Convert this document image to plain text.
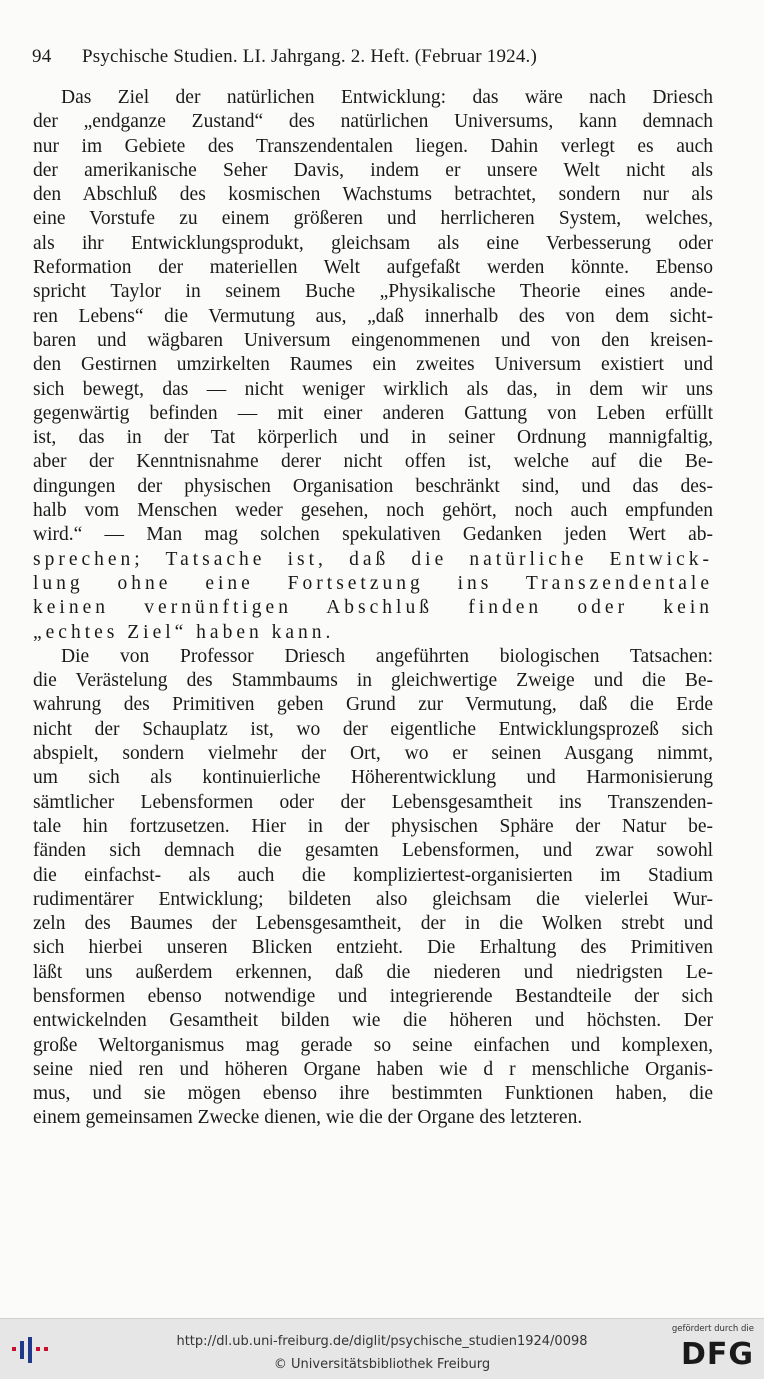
94 Psychische Studien. LI. Jahrgang. 2. Heft. (Februar 1924.)
Das Ziel der natürlichen Entwicklung: das wäre nach Driesch
der „endganze Zustand“ des natürlichen Universums, kann demnach
nur im Gebiete des Transzendentalen liegen. Dahin verlegt es auch
der amerikanische Seher Davis, indem er unsere Welt nicht als
den Abschluß des kosmischen Wachstums betrachtet, sondern nur als
eine Vorstufe zu einem größeren und herrlicheren System, welches,
als ihr Entwicklungsprodukt, gleichsam als eine Verbesserung oder
Reformation der materiellen Welt aufgefaßt werden könnte. Ebenso
spricht Taylor in seinem Buche „Physikalische Theorie eines ande-
ren Lebens“ die Vermutung aus, „daß innerhalb des von dem sicht-
baren und wägbaren Universum eingenommenen und von den kreisen-
den Gestirnen umzirkelten Raumes ein zweites Universum existiert und
sich bewegt, das — nicht weniger wirklich als das, in dem wir uns
gegenwärtig befinden — mit einer anderen Gattung von Leben erfüllt
ist, das in der Tat körperlich und in seiner Ordnung mannigfaltig,
aber der Kenntnisnahme derer nicht offen ist, welche auf die Be-
dingungen der physischen Organisation beschränkt sind, und das des-
halb vom Menschen weder gesehen, noch gehört, noch auch empfunden
wird.“ — Man mag solchen spekulativen Gedanken jeden Wert ab-
sprechen; Tatsache ist, daß die natürliche Entwick-
lung ohne eine Fortsetzung ins Transzendentale
keinen vernünftigen Abschluß finden oder kein
„echtes Ziel“ haben kann.
Die von Professor Driesch angeführten biologischen Tatsachen:
die Verästelung des Stammbaums in gleichwertige Zweige und die Be-
wahrung des Primitiven geben Grund zur Vermutung, daß die Erde
nicht der Schauplatz ist, wo der eigentliche Entwicklungsprozeß sich
abspielt, sondern vielmehr der Ort, wo er seinen Ausgang nimmt,
um sich als kontinuierliche Höherentwicklung und Harmonisierung
sämtlicher Lebensformen oder der Lebensgesamtheit ins Transzenden-
tale hin fortzusetzen. Hier in der physischen Sphäre der Natur be-
fänden sich demnach die gesamten Lebensformen, und zwar sowohl
die einfachst- als auch die kompliziertest-organisierten im Stadium
rudimentärer Entwicklung; bildeten also gleichsam die vielerlei Wur-
zeln des Baumes der Lebensgesamtheit, der in die Wolken strebt und
sich hierbei unseren Blicken entzieht. Die Erhaltung des Primitiven
läßt uns außerdem erkennen, daß die niederen und niedrigsten Le-
bensformen ebenso notwendige und integrierende Bestandteile der sich
entwickelnden Gesamtheit bilden wie die höheren und höchsten. Der
große Weltorganismus mag gerade so seine einfachen und komplexen,
seine nied ren und höheren Organe haben wie d r menschliche Organis-
mus, und sie mögen ebenso ihre bestimmten Funktionen haben, die
einem gemeinsamen Zwecke dienen, wie die der Organe des letzteren.
http://dl.ub.uni-freiburg.de/diglit/psychische_studien1924/0098
© Universitätsbibliothek Freiburg
gefördert durch die
DFG
